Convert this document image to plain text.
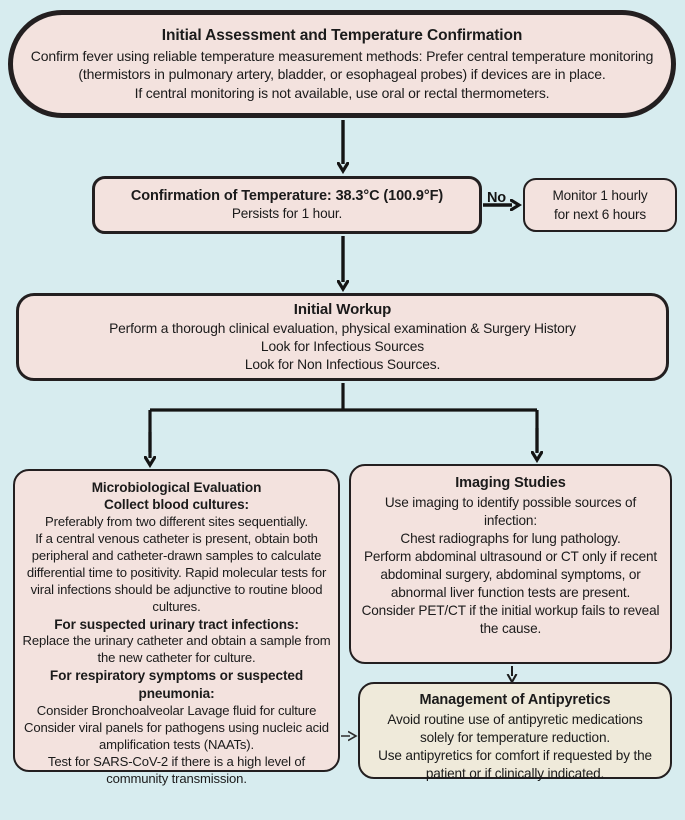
Initial Assessment and Temperature Confirmation
Confirm fever using reliable temperature measurement methods: Prefer central temperature monitoring
(thermistors in pulmonary artery, bladder, or esophageal probes) if devices are in place.
If central monitoring is not available, use oral or rectal thermometers.
Confirmation of Temperature: 38.3°C (100.9°F)
Persists for 1 hour.
No	Monitor 1 hourly
for next 6 hours
Initial Workup
Perform a thorough clinical evaluation, physical examination & Surgery History
Look for Infectious Sources
Look for Non Infectious Sources.
Microbiological Evaluation
Collect blood cultures:
Preferably from two different sites sequentially.
If a central venous catheter is present, obtain both
peripheral and catheter-drawn samples to calculate
differential time to positivity. Rapid molecular tests for
viral infections should be adjunctive to routine blood
cultures.
For suspected urinary tract infections:
Replace the urinary catheter and obtain a sample from
the new catheter for culture.
For respiratory symptoms or suspected
pneumonia:
Consider Bronchoalveolar Lavage fluid for culture
Consider viral panels for pathogens using nucleic acid
amplification tests (NAATs).
Test for SARS-CoV-2 if there is a high level of
community transmission.
Imaging Studies
Use imaging to identify possible sources of
infection:
Chest radiographs for lung pathology.
Perform abdominal ultrasound or CT only if recent
abdominal surgery, abdominal symptoms, or
abnormal liver function tests are present.
Consider PET/CT if the initial workup fails to reveal
the cause.
Management of Antipyretics
Avoid routine use of antipyretic medications
solely for temperature reduction.
Use antipyretics for comfort if requested by the
patient or if clinically indicated.
